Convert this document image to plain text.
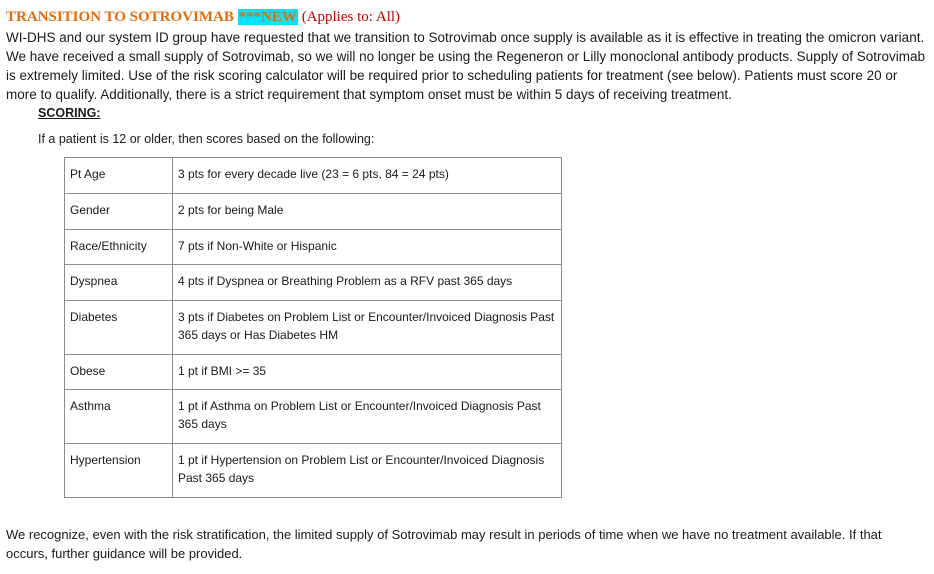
TRANSITION TO SOTROVIMAB ***NEW (Applies to: All)

WI-DHS and our system ID group have requested that we transition to Sotrovimab once supply is available as it is effective in treating the omicron variant. We have received a small supply of Sotrovimab, so we will no longer be using the Regeneron or Lilly monoclonal antibody products. Supply of Sotrovimab is extremely limited. Use of the risk scoring calculator will be required prior to scheduling patients for treatment (see below). Patients must score 20 or more to qualify. Additionally, there is a strict requirement that symptom onset must be within 5 days of receiving treatment.

SCORING:
If a patient is 12 or older, then scores based on the following:
Pt Age	3 pts for every decade live (23 = 6 pts, 84 = 24 pts)
Gender	2 pts for being Male
Race/Ethnicity	7 pts if Non-White or Hispanic
Dyspnea	4 pts if Dyspnea or Breathing Problem as a RFV past 365 days
Diabetes	3 pts if Diabetes on Problem List or Encounter/Invoiced Diagnosis Past 365 days or Has Diabetes HM
Obese	1 pt if BMI >= 35
Asthma	1 pt if Asthma on Problem List or Encounter/Invoiced Diagnosis Past 365 days
Hypertension	1 pt if Hypertension on Problem List or Encounter/Invoiced Diagnosis Past 365 days

We recognize, even with the risk stratification, the limited supply of Sotrovimab may result in periods of time when we have no treatment available. If that occurs, further guidance will be provided.
